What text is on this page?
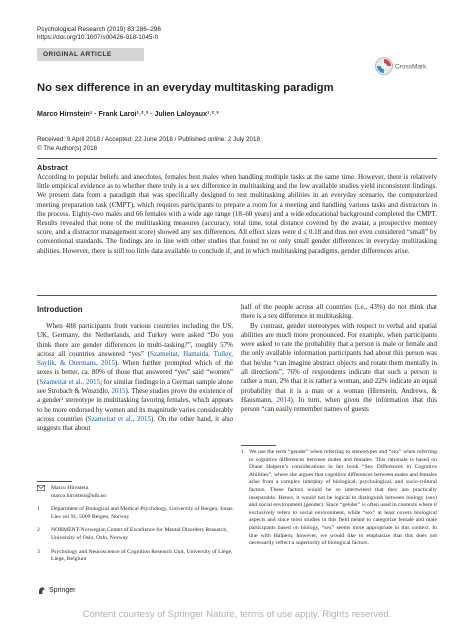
Psychological Research (2019) 83:286–296
https://doi.org/10.1007/s00426-018-1045-0
ORIGINAL ARTICLE
CrossMark
No sex difference in an everyday multitasking paradigm
Marco Hirnstein¹ · Frank Laroi¹˒²˒³ · Julien Laloyaux¹˒²˒³
Received: 9 April 2018 / Accepted: 22 June 2018 / Published online: 2 July 2018
© The Author(s) 2018
Abstract
According to popular beliefs and anecdotes, females best males when handling multiple tasks at the same time. However, there is relatively little empirical evidence as to whether there truly is a sex difference in multitasking and the few available studies yield inconsistent findings. We present data from a paradigm that was specifically designed to test multitasking abilities in an everyday scenario, the computerized meeting preparation task (CMPT), which requires participants to prepare a room for a meeting and handling various tasks and distractors in the process. Eighty-two males and 66 females with a wide age range (18–60 years) and a wide educational background completed the CMPT. Results revealed that none of the multitasking measures (accuracy, total time, total distance covered by the avatar, a prospective memory score, and a distractor management score) showed any sex differences. All effect sizes were d ≤ 0.18 and thus not even considered “small” by conventional standards. The findings are in line with other studies that found no or only small gender differences in everyday multitasking abilities. However, there is still too little data available to conclude if, and in which multitasking paradigms, gender differences arise.
Introduction

When 488 participants from various countries including the US, UK, Germany, the Netherlands, and Turkey were asked “Do you think there are gender differences in multi-tasking?”, roughly 57% across all countries answered “yes” (Szameitat, Hamaida, Tulley, Saylik, & Otermans, 2015). When further prompted which of the sexes is better, ca. 80% of those that answered “yes” said “women” (Szameitat et al., 2015; for similar findings in a German sample alone see Strobach & Woszidlo, 2015). These studies prove the existence of a gender¹ stereotype in multitasking favoring females, which appears to be more endorsed by women and its magnitude varies considerably across countries (Szameitat et al., 2015). On the other hand, it also suggests that about

half of the people across all countries (i.e., 43%) do not think that there is a sex difference in multitasking.

By contrast, gender stereotypes with respect to verbal and spatial abilities are much more pronounced. For example, when participants were asked to rate the probability that a person is male or female and the only available information participants had about this person was that he/she “can imagine abstract objects and rotate them mentally in all directions”, 76% of respondents indicate that such a person is rather a man, 2% that it is rather a woman, and 22% indicate an equal probability that it is a man or a woman (Hirnstein, Andrews, & Hausmann, 2014). In turn, when given the information that this person “can easily remember names of guests

Marco Hirnstein
marco.hirnstein@uib.no
1	Department of Biological and Medical Psychology, University of Bergen, Jonas Lies vei 91, 5009 Bergen, Norway
2	NORMENT-Norwegian Center of Excellence for Mental Disorders Research, University of Oslo, Oslo, Norway
3	Psychology and Neuroscience of Cognition Research Unit, University of Liège, Liège, Belgium
1 We use the term “gender” when referring to stereotypes and “sex” when referring to cognitive differences between males and females. This rationale is based on Diane Halpern’s considerations in her book “Sex Differences in Cognitive Abilities”, where she argues that cognitive differences between males and females arise from a complex interplay of biological, psychological, and socio-cultural factors. These factors would be so intertwined that they are practically inseparable. Hence, it would not be logical to distinguish between biology (sex) and social environment (gender). Since “gender” is often used in contexts where it exclusively refers to social environment, while “sex” at least covers biological aspects and since most studies in this field meant to categorize female and male participants based on biology, “sex” seems more appropriate in this context. In line with Halpern, however, we would like to emphasize that this does not necessarily reflect a superiority of biological factors.
Springer
Content courtesy of Springer Nature, terms of use apply. Rights reserved.
